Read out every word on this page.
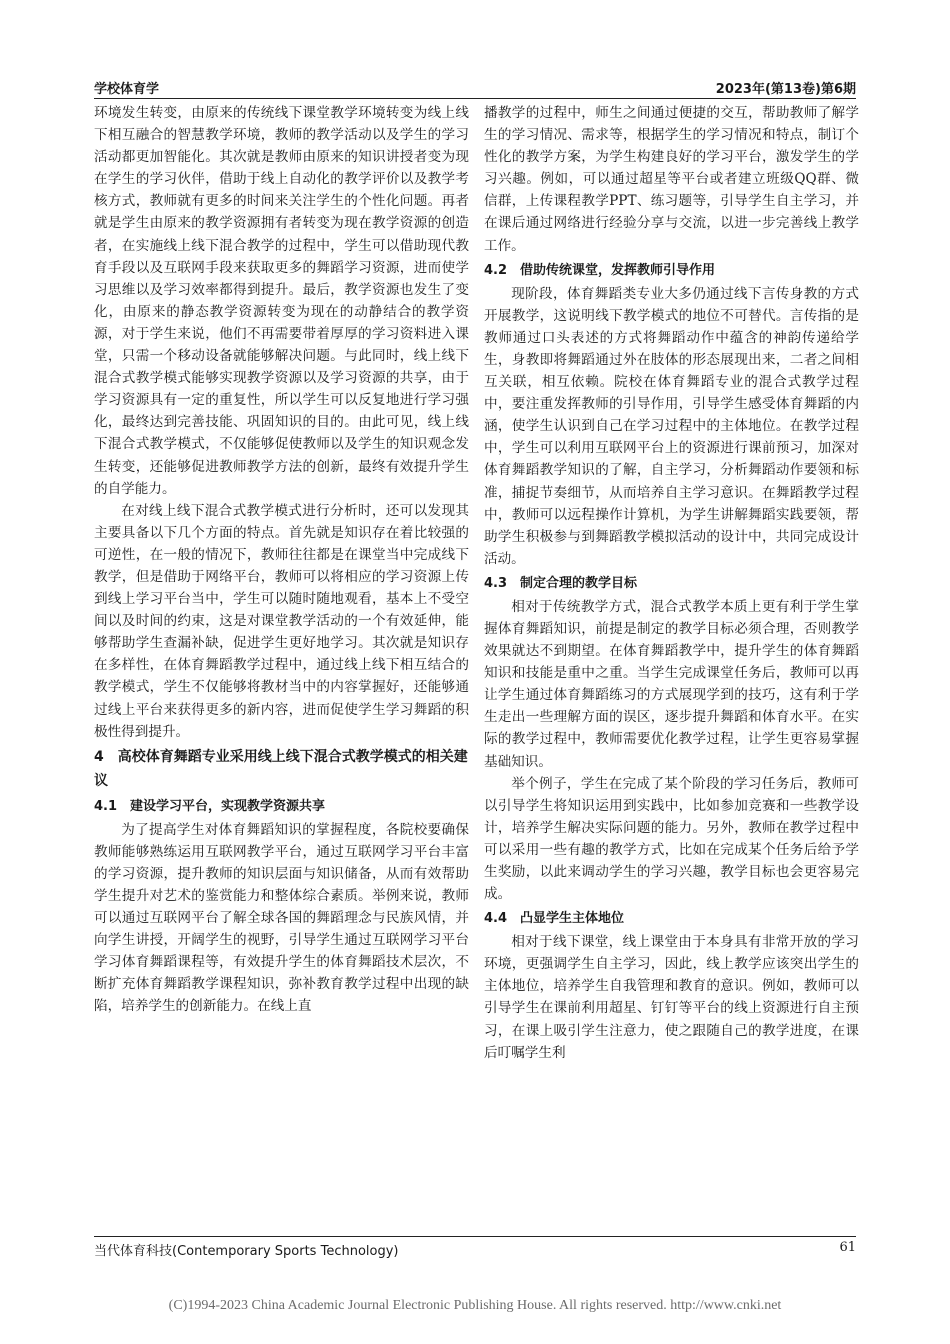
学校体育学	2023年(第13卷)第6期

环境发生转变，由原来的传统线下课堂教学环境转变为线上线下相互融合的智慧教学环境，教师的教学活动以及学生的学习活动都更加智能化。其次就是教师由原来的知识讲授者变为现在学生的学习伙伴，借助于线上自动化的教学评价以及教学考核方式，教师就有更多的时间来关注学生的个性化问题。再者就是学生由原来的教学资源拥有者转变为现在教学资源的创造者，在实施线上线下混合教学的过程中，学生可以借助现代教育手段以及互联网手段来获取更多的舞蹈学习资源，进而使学习思维以及学习效率都得到提升。最后，教学资源也发生了变化，由原来的静态教学资源转变为现在的动静结合的教学资源，对于学生来说，他们不再需要带着厚厚的学习资料进入课堂，只需一个移动设备就能够解决问题。与此同时，线上线下混合式教学模式能够实现教学资源以及学习资源的共享，由于学习资源具有一定的重复性，所以学生可以反复地进行学习强化，最终达到完善技能、巩固知识的目的。由此可见，线上线下混合式教学模式，不仅能够促使教师以及学生的知识观念发生转变，还能够促进教师教学方法的创新，最终有效提升学生的自学能力。

在对线上线下混合式教学模式进行分析时，还可以发现其主要具备以下几个方面的特点。首先就是知识存在着比较强的可逆性，在一般的情况下，教师往往都是在课堂当中完成线下教学，但是借助于网络平台，教师可以将相应的学习资源上传到线上学习平台当中，学生可以随时随地观看，基本上不受空间以及时间的约束，这是对课堂教学活动的一个有效延伸，能够帮助学生查漏补缺，促进学生更好地学习。其次就是知识存在多样性，在体育舞蹈教学过程中，通过线上线下相互结合的教学模式，学生不仅能够将教材当中的内容掌握好，还能够通过线上平台来获得更多的新内容，进而促使学生学习舞蹈的积极性得到提升。

4　高校体育舞蹈专业采用线上线下混合式教学模式的相关建议
4.1　建设学习平台，实现教学资源共享

为了提高学生对体育舞蹈知识的掌握程度，各院校要确保教师能够熟练运用互联网教学平台，通过互联网学习平台丰富的学习资源，提升教师的知识层面与知识储备，从而有效帮助学生提升对艺术的鉴赏能力和整体综合素质。举例来说，教师可以通过互联网平台了解全球各国的舞蹈理念与民族风情，并向学生讲授，开阔学生的视野，引导学生通过互联网学习平台学习体育舞蹈课程等，有效提升学生的体育舞蹈技术层次，不断扩充体育舞蹈教学课程知识，弥补教育教学过程中出现的缺陷，培养学生的创新能力。在线上直

播教学的过程中，师生之间通过便捷的交互，帮助教师了解学生的学习情况、需求等，根据学生的学习情况和特点，制订个性化的教学方案，为学生构建良好的学习平台，激发学生的学习兴趣。例如，可以通过超星等平台或者建立班级QQ群、微信群，上传课程教学PPT、练习题等，引导学生自主学习，并在课后通过网络进行经验分享与交流，以进一步完善线上教学工作。

4.2　借助传统课堂，发挥教师引导作用

现阶段，体育舞蹈类专业大多仍通过线下言传身教的方式开展教学，这说明线下教学模式的地位不可替代。言传指的是教师通过口头表述的方式将舞蹈动作中蕴含的神韵传递给学生，身教即将舞蹈通过外在肢体的形态展现出来，二者之间相互关联，相互依赖。院校在体育舞蹈专业的混合式教学过程中，要注重发挥教师的引导作用，引导学生感受体育舞蹈的内涵，使学生认识到自己在学习过程中的主体地位。在教学过程中，学生可以利用互联网平台上的资源进行课前预习，加深对体育舞蹈教学知识的了解，自主学习，分析舞蹈动作要领和标准，捕捉节奏细节，从而培养自主学习意识。在舞蹈教学过程中，教师可以远程操作计算机，为学生讲解舞蹈实践要领，帮助学生积极参与到舞蹈教学模拟活动的设计中，共同完成设计活动。

4.3　制定合理的教学目标

相对于传统教学方式，混合式教学本质上更有利于学生掌握体育舞蹈知识，前提是制定的教学目标必须合理，否则教学效果就达不到期望。在体育舞蹈教学中，提升学生的体育舞蹈知识和技能是重中之重。当学生完成课堂任务后，教师可以再让学生通过体育舞蹈练习的方式展现学到的技巧，这有利于学生走出一些理解方面的误区，逐步提升舞蹈和体育水平。在实际的教学过程中，教师需要优化教学过程，让学生更容易掌握基础知识。

举个例子，学生在完成了某个阶段的学习任务后，教师可以引导学生将知识运用到实践中，比如参加竞赛和一些教学设计，培养学生解决实际问题的能力。另外，教师在教学过程中可以采用一些有趣的教学方式，比如在完成某个任务后给予学生奖励，以此来调动学生的学习兴趣，教学目标也会更容易完成。

4.4　凸显学生主体地位

相对于线下课堂，线上课堂由于本身具有非常开放的学习环境，更强调学生自主学习，因此，线上教学应该突出学生的主体地位，培养学生自我管理和教育的意识。例如，教师可以引导学生在课前利用超星、钉钉等平台的线上资源进行自主预习，在课上吸引学生注意力，使之跟随自己的教学进度，在课后叮嘱学生利

当代体育科技(Contemporary Sports Technology)	61
(C)1994-2023 China Academic Journal Electronic Publishing House. All rights reserved. http://www.cnki.net
